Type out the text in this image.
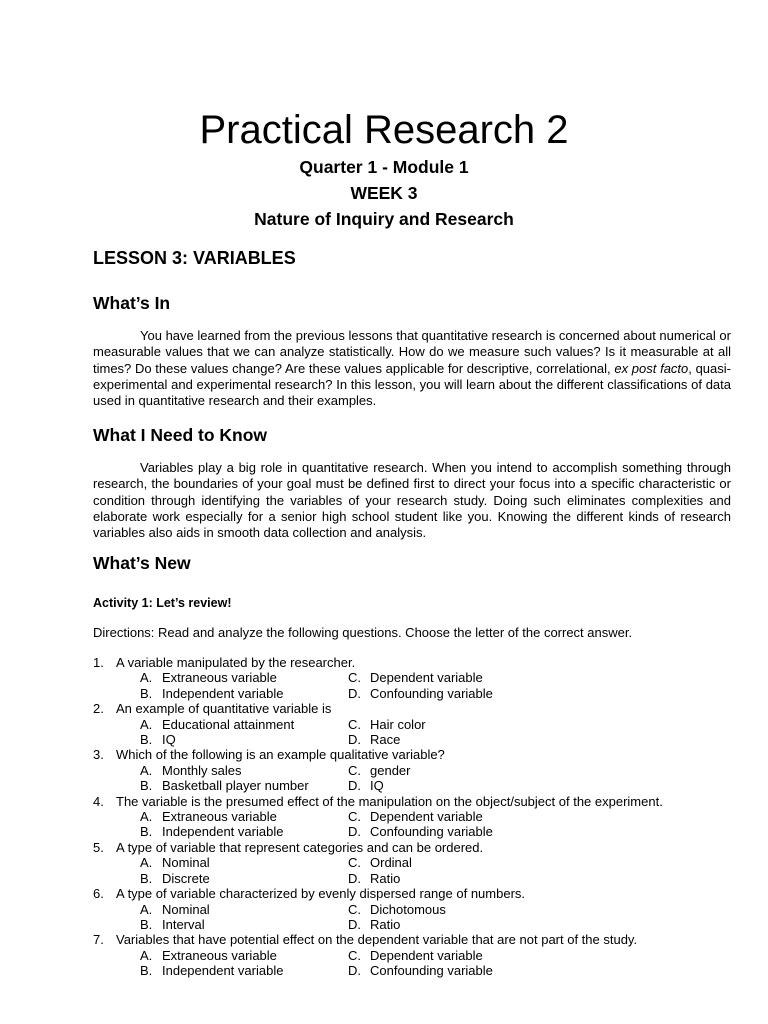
Practical Research 2
Quarter 1 - Module 1
WEEK 3
Nature of Inquiry and Research
LESSON 3: VARIABLES
What’s In

You have learned from the previous lessons that quantitative research is concerned about numerical or measurable values that we can analyze statistically. How do we measure such values? Is it measurable at all times? Do these values change? Are these values applicable for descriptive, correlational, ex post facto, quasi-experimental and experimental research? In this lesson, you will learn about the different classifications of data used in quantitative research and their examples.

What I Need to Know

Variables play a big role in quantitative research. When you intend to accomplish something through research, the boundaries of your goal must be defined first to direct your focus into a specific characteristic or condition through identifying the variables of your research study. Doing such eliminates complexities and elaborate work especially for a senior high school student like you. Knowing the different kinds of research variables also aids in smooth data collection and analysis.

What’s New

Activity 1: Let’s review!

Directions: Read and analyze the following questions. Choose the letter of the correct answer.

1. A variable manipulated by the researcher.
A. Extraneous variable	C. Dependent variable
B. Independent variable	D. Confounding variable
2. An example of quantitative variable is
A. Educational attainment	C. Hair color
B. IQ	D. Race
3. Which of the following is an example qualitative variable?
A. Monthly sales	C. gender
B. Basketball player number	D. IQ
4. The variable is the presumed effect of the manipulation on the object/subject of the experiment.
A. Extraneous variable	C. Dependent variable
B. Independent variable	D. Confounding variable
5. A type of variable that represent categories and can be ordered.
A. Nominal	C. Ordinal
B. Discrete	D. Ratio
6. A type of variable characterized by evenly dispersed range of numbers.
A. Nominal	C. Dichotomous
B. Interval	D. Ratio
7. Variables that have potential effect on the dependent variable that are not part of the study.
A. Extraneous variable	C. Dependent variable
B. Independent variable	D. Confounding variable
